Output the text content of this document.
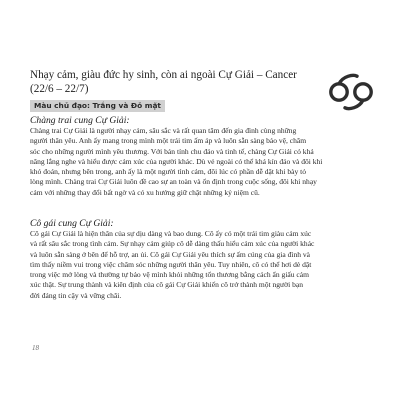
Nhạy cảm, giàu đức hy sinh, còn ai ngoài Cự Giải – Cancer
(22/6 – 22/7)
Màu chủ đạo: Trắng và Đỏ mặt
Chàng trai cung Cự Giải:

Chàng trai Cự Giải là người nhạy cảm, sâu sắc và rất quan tâm đến gia đình cùng những
người thân yêu. Anh ấy mang trong mình một trái tim ấm áp và luôn sẵn sàng bảo vệ, chăm
sóc cho những người mình yêu thương. Với bản tính chu đáo và tinh tế, chàng Cự Giải có khả
năng lắng nghe và hiểu được cảm xúc của người khác. Dù vẻ ngoài có thể khá kín đáo và đôi khi
khó đoán, nhưng bên trong, anh ấy là một người tình cảm, đôi lúc có phần dễ dật khi bày tỏ
lòng mình. Chàng trai Cự Giải luôn đề cao sự an toàn và ổn định trong cuộc sống, đôi khi nhạy
cảm với những thay đổi bất ngờ và có xu hướng giữ chặt những kỷ niệm cũ.

Cô gái cung Cự Giải:

Cô gái Cự Giải là hiện thân của sự dịu dàng và bao dung. Cô ấy có một trái tim giàu cảm xúc
và rất sâu sắc trong tình cảm. Sự nhạy cảm giúp cô dễ dàng thấu hiểu cảm xúc của người khác
và luôn sẵn sàng ở bên để hỗ trợ, an ủi. Cô gái Cự Giải yêu thích sự ấm cúng của gia đình và
tìm thấy niềm vui trong việc chăm sóc những người thân yêu. Tuy nhiên, cô có thể hơi dè dặt
trong việc mở lòng và thường tự bảo vệ mình khỏi những tổn thương bằng cách ẩn giấu cảm
xúc thật. Sự trung thành và kiên định của cô gái Cự Giải khiến cô trở thành một người bạn
đời đáng tin cậy và vững chãi.

18
